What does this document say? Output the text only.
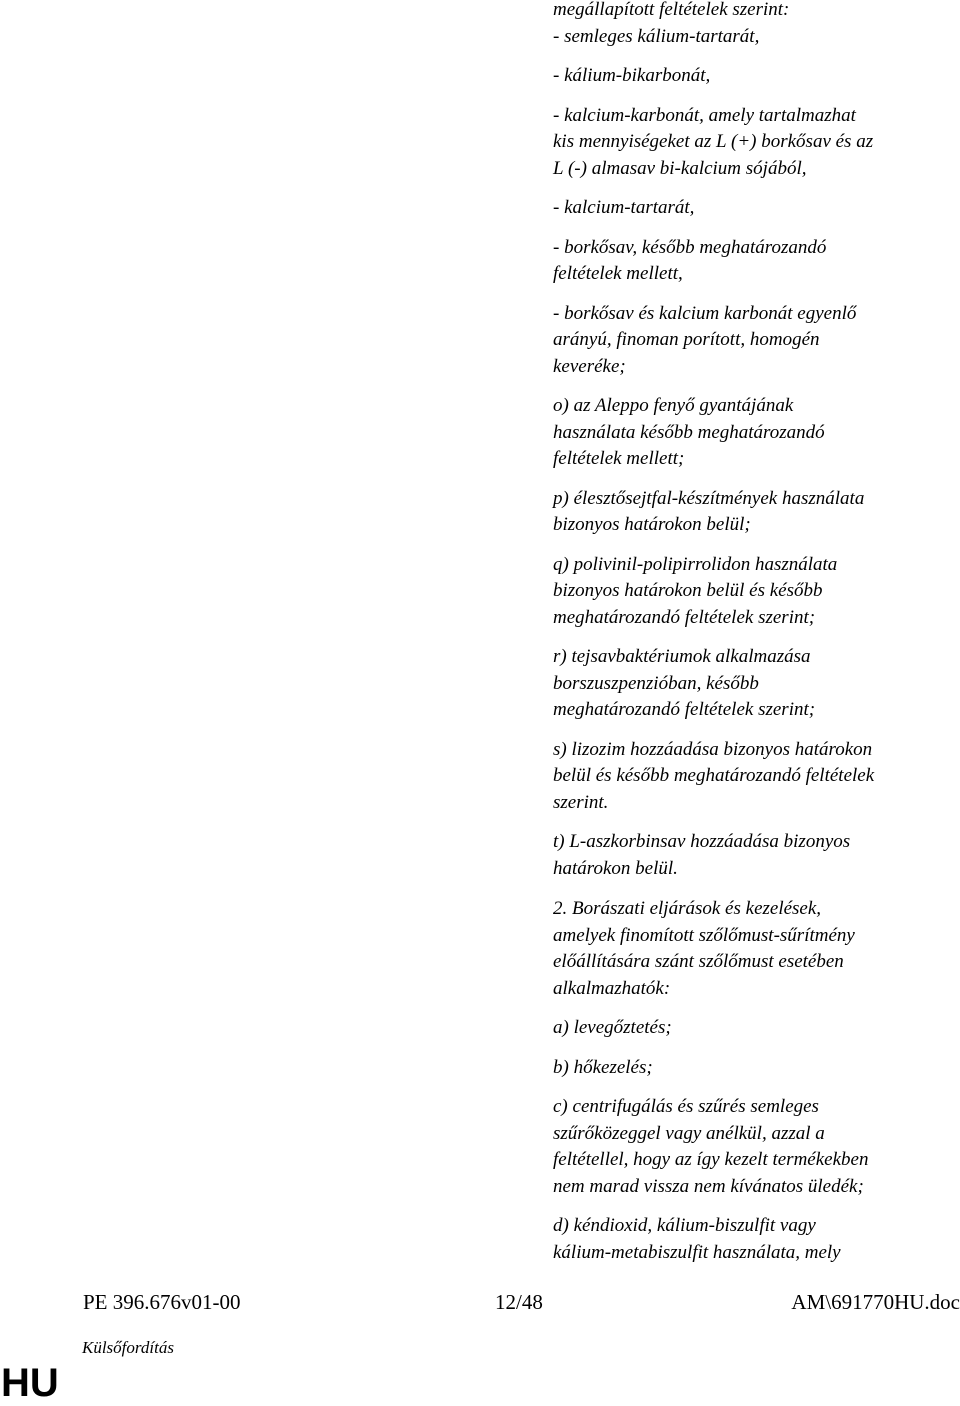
megállapított feltételek szerint:
- semleges kálium-tartarát,
- kálium-bikarbonát,
- kalcium-karbonát, amely tartalmazhat
kis mennyiségeket az L (+) borkősav és az
L (-) almasav bi-kalcium sójából,
- kalcium-tartarát,
- borkősav, később meghatározandó
feltételek mellett,
- borkősav és kalcium karbonát egyenlő
arányú, finoman porított, homogén
keveréke;
o) az Aleppo fenyő gyantájának
használata később meghatározandó
feltételek mellett;
p) élesztősejtfal-készítmények használata
bizonyos határokon belül;
q) polivinil-polipirrolidon használata
bizonyos határokon belül és később
meghatározandó feltételek szerint;
r) tejsavbaktériumok alkalmazása
borszuszpenzióban, később
meghatározandó feltételek szerint;
s) lizozim hozzáadása bizonyos határokon
belül és később meghatározandó feltételek
szerint.
t) L-aszkorbinsav hozzáadása bizonyos
határokon belül.
2. Borászati eljárások és kezelések,
amelyek finomított szőlőmust-sűrítmény
előállítására szánt szőlőmust esetében
alkalmazhatók:
a) levegőztetés;
b) hőkezelés;
c) centrifugálás és szűrés semleges
szűrőközeggel vagy anélkül, azzal a
feltétellel, hogy az így kezelt termékekben
nem marad vissza nem kívánatos üledék;
d) kéndioxid, kálium-biszulfit vagy
kálium-metabiszulfit használata, mely
PE 396.676v01-00	12/48	AM\691770HU.doc
Külsőfordítás
HU
